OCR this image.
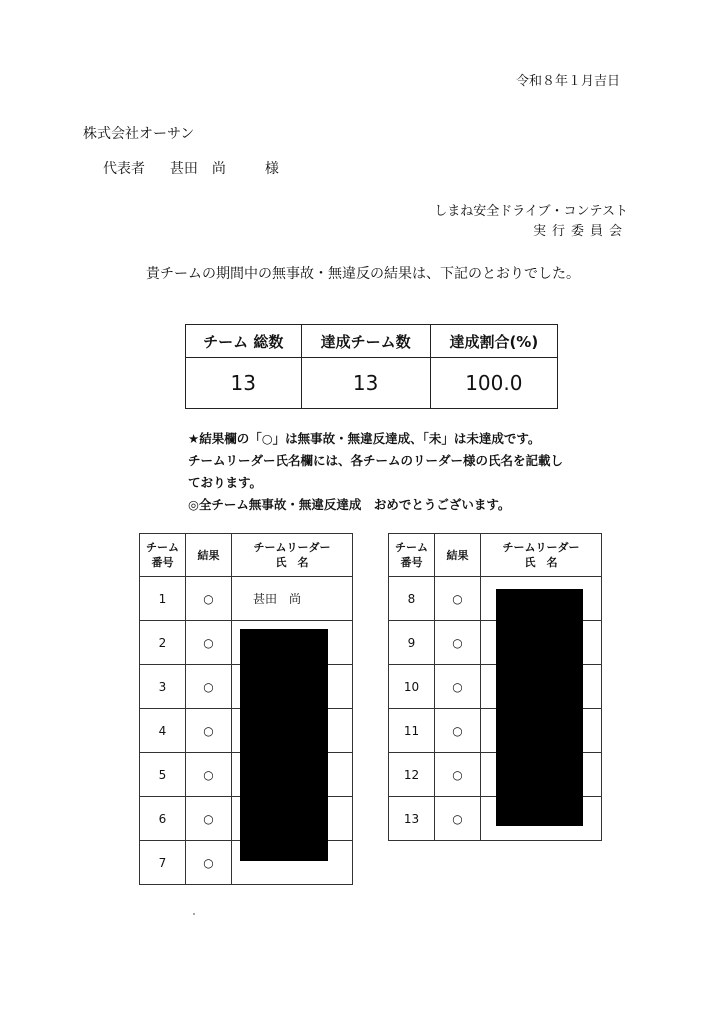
令和８年１月吉日
株式会社オーサン
代表者 甚田　尚	様
しまね安全ドライブ・コンテスト
実行委員会
貴チームの期間中の無事故・無違反の結果は、下記のとおりでした。
チーム 総数	達成チーム数	達成割合(%)
13	13	100.0
★結果欄の「○」は無事故・無違反達成、「未」は未達成です。
チームリーダー氏名欄には、各チームのリーダー様の氏名を記載し
ております。
◎全チーム無事故・無違反達成　おめでとうございます。
チーム
番号	結果	チームリーダー
氏　名
1	○	甚田　尚
2	○	
3	○	
4	○	
5	○	
6	○	
7	○	
チーム
番号	結果	チームリーダー
氏　名
8	○	
9	○	
10	○	
11	○	
12	○	
13	○	
